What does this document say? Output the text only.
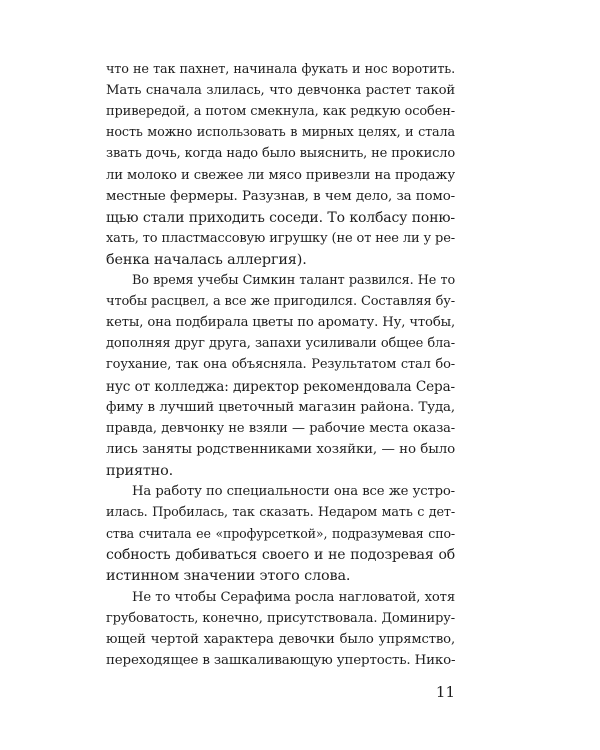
что не так пахнет, начинала фукать и нос воротить.
Мать сначала злилась, что девчонка растет такой
привередой, а потом смекнула, как редкую особен-
ность можно использовать в мирных целях, и стала
звать дочь, когда надо было выяснить, не прокисло
ли молоко и свежее ли мясо привезли на продажу
местные фермеры. Разузнав, в чем дело, за помо-
щью стали приходить соседи. То колбасу поню-
хать, то пластмассовую игрушку (не от нее ли у ре-
бенка началась аллергия).
Во время учебы Симкин талант развился. Не то
чтобы расцвел, а все же пригодился. Составляя бу-
кеты, она подбирала цветы по аромату. Ну, чтобы,
дополняя друг друга, запахи усиливали общее бла-
гоухание, так она объясняла. Результатом стал бо-
нус от колледжа: директор рекомендовала Сера-
фиму в лучший цветочный магазин района. Туда,
правда, девчонку не взяли — рабочие места оказа-
лись заняты родственниками хозяйки, — но было
приятно.
На работу по специальности она все же устро-
илась. Пробилась, так сказать. Недаром мать с дет-
ства считала ее «профурсеткой», подразумевая спо-
собность добиваться своего и не подозревая об
истинном значении этого слова.
Не то чтобы Серафима росла нагловатой, хотя
грубоватость, конечно, присутствовала. Доминиру-
ющей чертой характера девочки было упрямство,
переходящее в зашкаливающую упертость. Нико-
11
